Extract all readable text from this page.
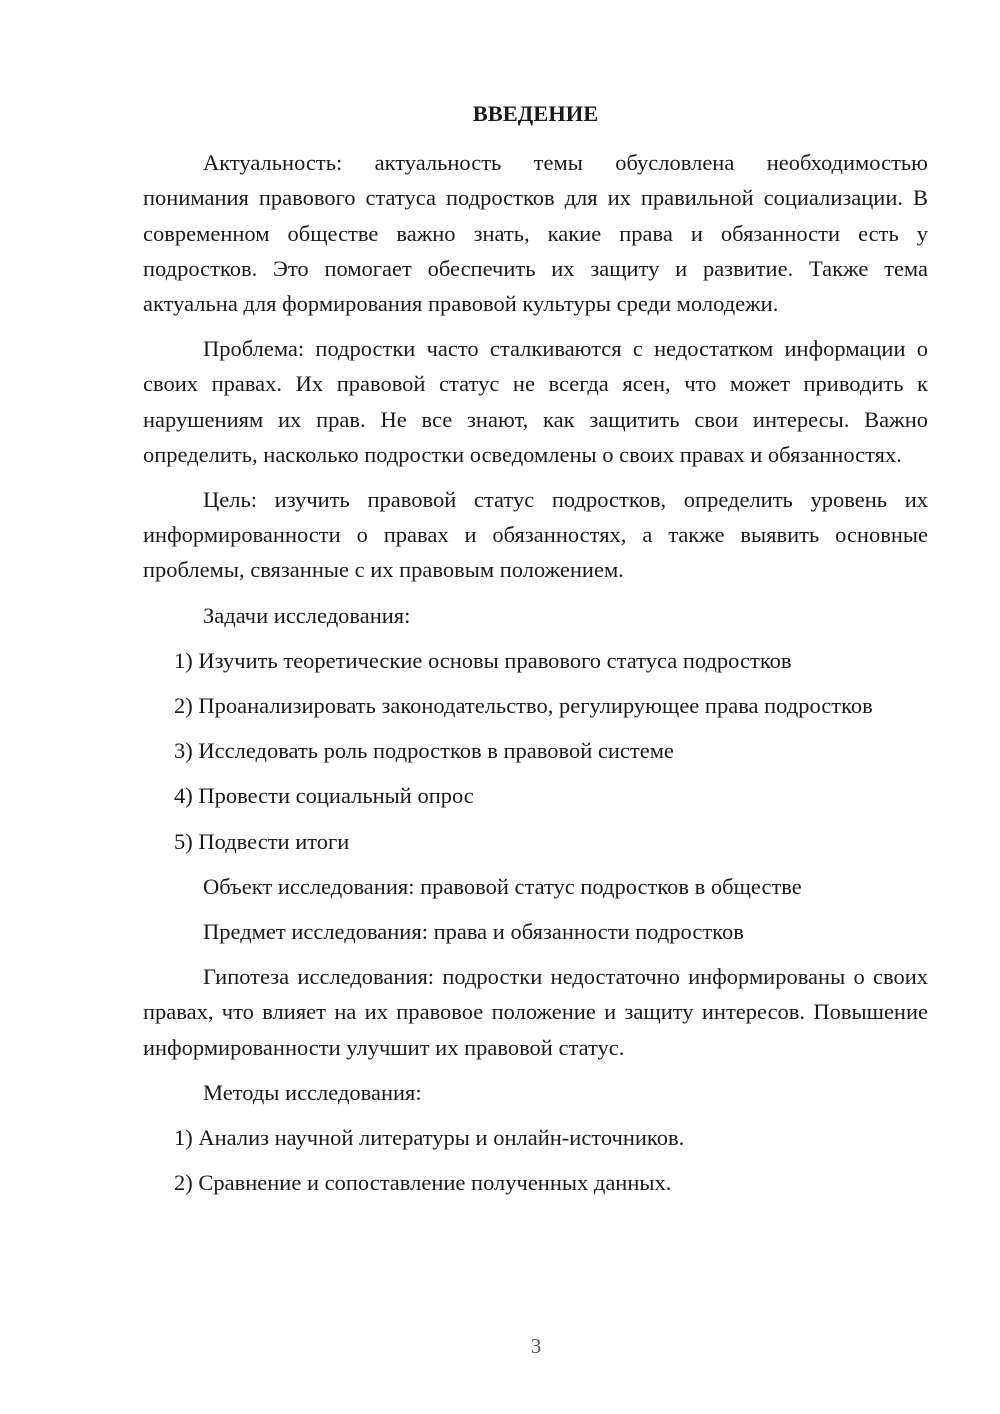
ВВЕДЕНИЕ

Актуальность: актуальность темы обусловлена необходимостью понимания правового статуса подростков для их правильной социализации. В современном обществе важно знать, какие права и обязанности есть у подростков. Это помогает обеспечить их защиту и развитие. Также тема актуальна для формирования правовой культуры среди молодежи.

Проблема: подростки часто сталкиваются с недостатком информации о своих правах. Их правовой статус не всегда ясен, что может приводить к нарушениям их прав. Не все знают, как защитить свои интересы. Важно определить, насколько подростки осведомлены о своих правах и обязанностях.

Цель: изучить правовой статус подростков, определить уровень их информированности о правах и обязанностях, а также выявить основные проблемы, связанные с их правовым положением.

Задачи исследования:

1) Изучить теоретические основы правового статуса подростков

2) Проанализировать законодательство, регулирующее права подростков

3) Исследовать роль подростков в правовой системе

4) Провести социальный опрос

5) Подвести итоги

Объект исследования: правовой статус подростков в обществе

Предмет исследования: права и обязанности подростков

Гипотеза исследования: подростки недостаточно информированы о своих правах, что влияет на их правовое положение и защиту интересов. Повышение информированности улучшит их правовой статус.

Методы исследования:

1) Анализ научной литературы и онлайн-источников.

2) Сравнение и сопоставление полученных данных.

3
